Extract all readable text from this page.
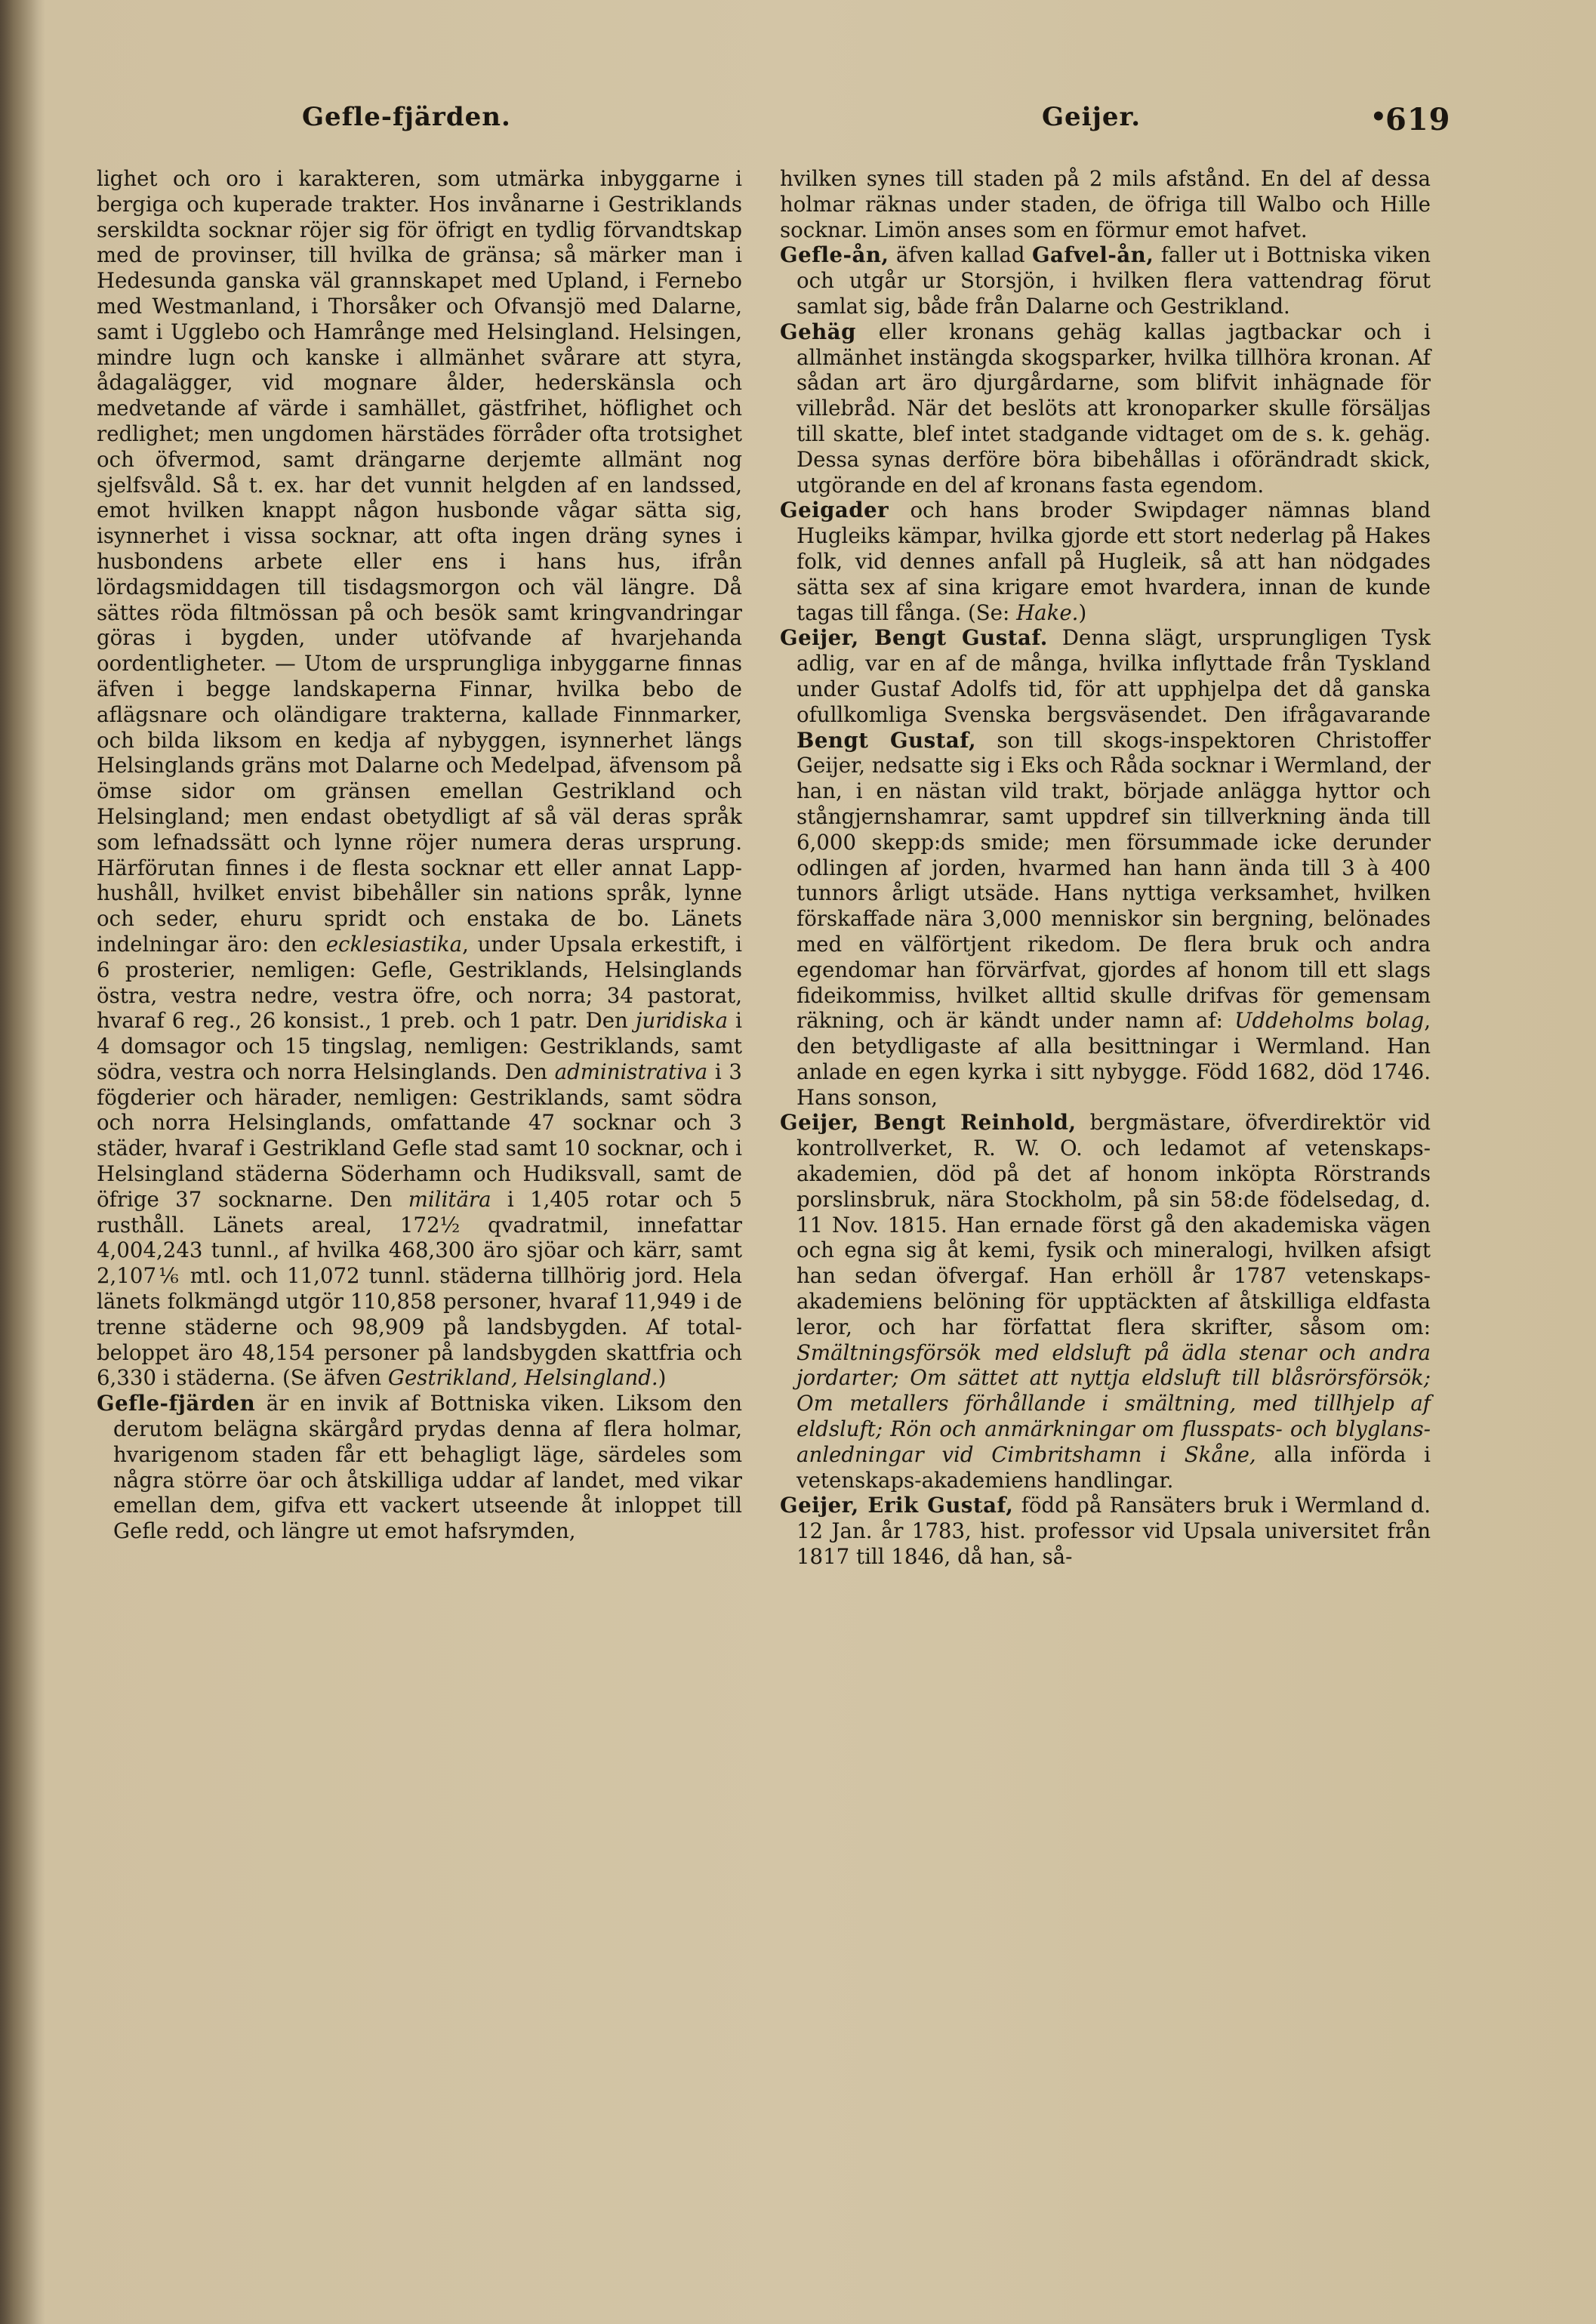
Gefle-fjärden.	Geijer.	•
619

lighet och oro i karakteren, som utmärka inbyggarne i bergiga och kuperade trakter. Hos invånarne i Gestriklands serskildta socknar röjer sig för öfrigt en tydlig förvandtskap med de provinser, till hvilka de gränsa; så märker man i Hedesunda ganska väl grannskapet med Upland, i Fernebo med Westmanland, i Thorsåker och Ofvansjö med Dalarne, samt i Ugglebo och Hamrånge med Helsingland. Helsingen, mindre lugn och kanske i allmänhet svårare att styra, ådagalägger, vid mognare ålder, hederskänsla och medvetande af värde i samhället, gästfrihet, höflighet och redlighet; men ungdomen härstädes förråder ofta trotsighet och öfvermod, samt drängarne derjemte allmänt nog sjelfsvåld. Så t. ex. har det vunnit helgden af en landssed, emot hvilken knappt någon husbonde vågar sätta sig, isynnerhet i vissa socknar, att ofta ingen dräng synes i husbondens arbete eller ens i hans hus, ifrån lördagsmiddagen till tisdagsmorgon och väl längre. Då sättes röda filtmössan på och besök samt kringvandringar göras i bygden, under utöfvande af hvarjehanda oordentligheter. — Utom de ursprungliga inbyggarne finnas äfven i begge landskaperna Finnar, hvilka bebo de aflägsnare och oländigare trakterna, kallade Finnmarker, och bilda liksom en kedja af nybyggen, isynnerhet längs Helsinglands gräns mot Dalarne och Medelpad, äfvensom på ömse sidor om gränsen emellan Gestrikland och Helsingland; men endast obetydligt af så väl deras språk som lefnadssätt och lynne röjer numera deras ursprung. Härförutan finnes i de flesta socknar ett eller annat Lapp-hushåll, hvilket envist bibehåller sin nations språk, lynne och seder, ehuru spridt och enstaka de bo. Länets indelningar äro: den ecklesiastika, under Upsala erkestift, i 6 prosterier, nemligen: Gefle, Gestriklands, Helsinglands östra, vestra nedre, vestra öfre, och norra; 34 pastorat, hvaraf 6 reg., 26 konsist., 1 preb. och 1 patr. Den juridiska i 4 domsagor och 15 tingslag, nemligen: Gestriklands, samt södra, vestra och norra Helsinglands. Den administrativa i 3 fögderier och härader, nemligen: Gestriklands, samt södra och norra Helsinglands, omfattande 47 socknar och 3 städer, hvaraf i Gestrikland Gefle stad samt 10 socknar, och i Helsingland städerna Söderhamn och Hudiksvall, samt de öfrige 37 socknarne. Den militära i 1,405 rotar och 5 rusthåll. Länets areal, 172½ qvadratmil, innefattar 4,004,243 tunnl., af hvilka 468,300 äro sjöar och kärr, samt 2,107⅙ mtl. och 11,072 tunnl. städerna tillhörig jord. Hela länets folkmängd utgör 110,858 personer, hvaraf 11,949 i de trenne städerne och 98,909 på landsbygden. Af total-beloppet äro 48,154 personer på landsbygden skattfria och 6,330 i städerna. (Se äfven Gestrikland, Helsingland.)

Gefle-fjärden är en invik af Bottniska viken. Liksom den derutom belägna skärgård prydas denna af flera holmar, hvarigenom staden får ett behagligt läge, särdeles som några större öar och åtskilliga uddar af landet, med vikar emellan dem, gifva ett vackert utseende åt inloppet till Gefle redd, och längre ut emot hafsrymden,

hvilken synes till staden på 2 mils afstånd. En del af dessa holmar räknas under staden, de öfriga till Walbo och Hille socknar. Limön anses som en förmur emot hafvet.

Gefle-ån, äfven kallad Gafvel-ån, faller ut i Bottniska viken och utgår ur Storsjön, i hvilken flera vattendrag förut samlat sig, både från Dalarne och Gestrikland.

Gehäg eller kronans gehäg kallas jagtbackar och i allmänhet instängda skogsparker, hvilka tillhöra kronan. Af sådan art äro djurgårdarne, som blifvit inhägnade för villebråd. När det beslöts att kronoparker skulle försäljas till skatte, blef intet stadgande vidtaget om de s. k. gehäg. Dessa synas derföre böra bibehållas i oförändradt skick, utgörande en del af kronans fasta egendom.

Geigader och hans broder Swipdager nämnas bland Hugleiks kämpar, hvilka gjorde ett stort nederlag på Hakes folk, vid dennes anfall på Hugleik, så att han nödgades sätta sex af sina krigare emot hvardera, innan de kunde tagas till fånga. (Se: Hake.)

Geijer, Bengt Gustaf. Denna slägt, ursprungligen Tysk adlig, var en af de många, hvilka inflyttade från Tyskland under Gustaf Adolfs tid, för att upphjelpa det då ganska ofullkomliga Svenska bergsväsendet. Den ifrågavarande Bengt Gustaf, son till skogs-inspektoren Christoffer Geijer, nedsatte sig i Eks och Råda socknar i Wermland, der han, i en nästan vild trakt, började anlägga hyttor och stångjernshamrar, samt uppdref sin tillverkning ända till 6,000 skepp:ds smide; men försummade icke derunder odlingen af jorden, hvarmed han hann ända till 3 à 400 tunnors årligt utsäde. Hans nyttiga verksamhet, hvilken förskaffade nära 3,000 menniskor sin bergning, belönades med en välförtjent rikedom. De flera bruk och andra egendomar han förvärfvat, gjordes af honom till ett slags fideikommiss, hvilket alltid skulle drifvas för gemensam räkning, och är kändt under namn af: Uddeholms bolag, den betydligaste af alla besittningar i Wermland. Han anlade en egen kyrka i sitt nybygge. Född 1682, död 1746. Hans sonson,

Geijer, Bengt Reinhold, bergmästare, öfverdirektör vid kontrollverket, R. W. O. och ledamot af vetenskaps-akademien, död på det af honom inköpta Rörstrands porslinsbruk, nära Stockholm, på sin 58:de födelsedag, d. 11 Nov. 1815. Han ernade först gå den akademiska vägen och egna sig åt kemi, fysik och mineralogi, hvilken afsigt han sedan öfvergaf. Han erhöll år 1787 vetenskaps-akademiens belöning för upptäckten af åtskilliga eldfasta leror, och har författat flera skrifter, såsom om: Smältningsförsök med eldsluft på ädla stenar och andra jordarter; Om sättet att nyttja eldsluft till blåsrörsförsök; Om metallers förhållande i smältning, med tillhjelp af eldsluft; Rön och anmärkningar om flusspats- och blyglans-anledningar vid Cimbritshamn i Skåne, alla införda i vetenskaps-akademiens handlingar.

Geijer, Erik Gustaf, född på Ransäters bruk i Wermland d. 12 Jan. år 1783, hist. professor vid Upsala universitet från 1817 till 1846, då han, så-
